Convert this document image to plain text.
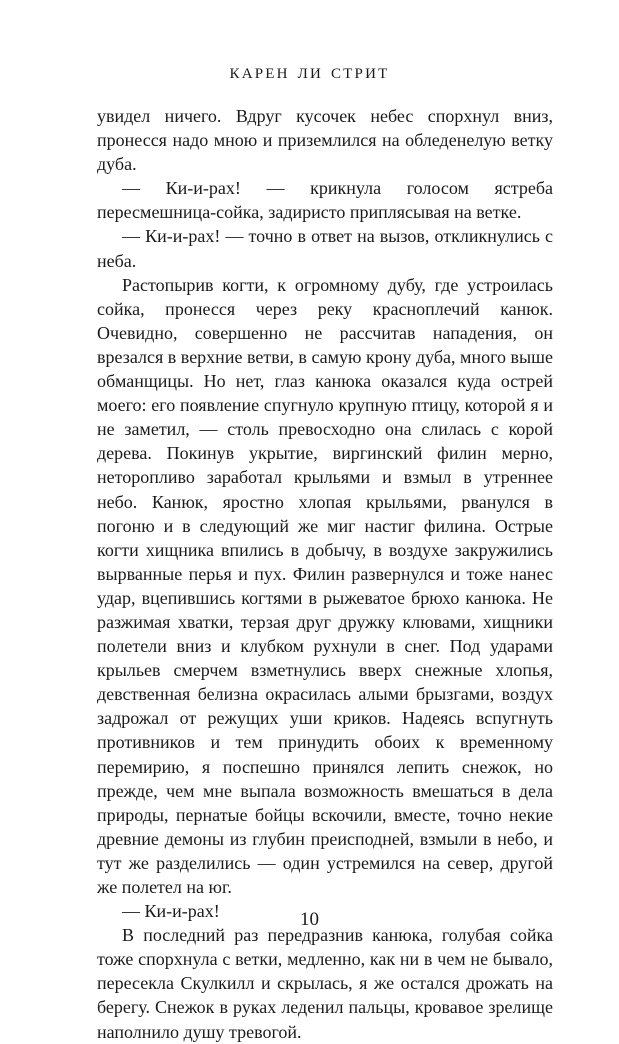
КАРЕН ЛИ СТРИТ

увидел ничего. Вдруг кусочек небес спорхнул вниз, пронесся надо мною и приземлился на обледенелую ветку дуба.

— Ки-и-рах! — крикнула голосом ястреба пересмешница-сойка, задиристо приплясывая на ветке.

— Ки-и-рах! — точно в ответ на вызов, откликнулись с неба.

Растопырив когти, к огромному дубу, где устроилась сойка, пронесся через реку красноплечий канюк. Очевидно, совершенно не рассчитав нападения, он врезался в верхние ветви, в самую крону дуба, много выше обманщицы. Но нет, глаз канюка оказался куда острей моего: его появление спугнуло крупную птицу, которой я и не заметил, — столь превосходно она слилась с корой дерева. Покинув укрытие, виргинский филин мерно, неторопливо заработал крыльями и взмыл в утреннее небо. Канюк, яростно хлопая крыльями, рванулся в погоню и в следующий же миг настиг филина. Острые когти хищника впились в добычу, в воздухе закружились вырванные перья и пух. Филин развернулся и тоже нанес удар, вцепившись когтями в рыжеватое брюхо канюка. Не разжимая хватки, терзая друг дружку клювами, хищники полетели вниз и клубком рухнули в снег. Под ударами крыльев смерчем взметнулись вверх снежные хлопья, девственная белизна окрасилась алыми брызгами, воздух задрожал от режущих уши криков. Надеясь вспугнуть противников и тем принудить обоих к временному перемирию, я поспешно принялся лепить снежок, но прежде, чем мне выпала возможность вмешаться в дела природы, пернатые бойцы вскочили, вместе, точно некие древние демоны из глубин преисподней, взмыли в небо, и тут же разделились — один устремился на север, другой же полетел на юг.

— Ки-и-рах!

В последний раз передразнив канюка, голубая сойка тоже спорхнула с ветки, медленно, как ни в чем не бывало, пересекла Скулкилл и скрылась, я же остался дрожать на берегу. Снежок в руках леденил пальцы, кровавое зрелище наполнило душу тревогой.

10
